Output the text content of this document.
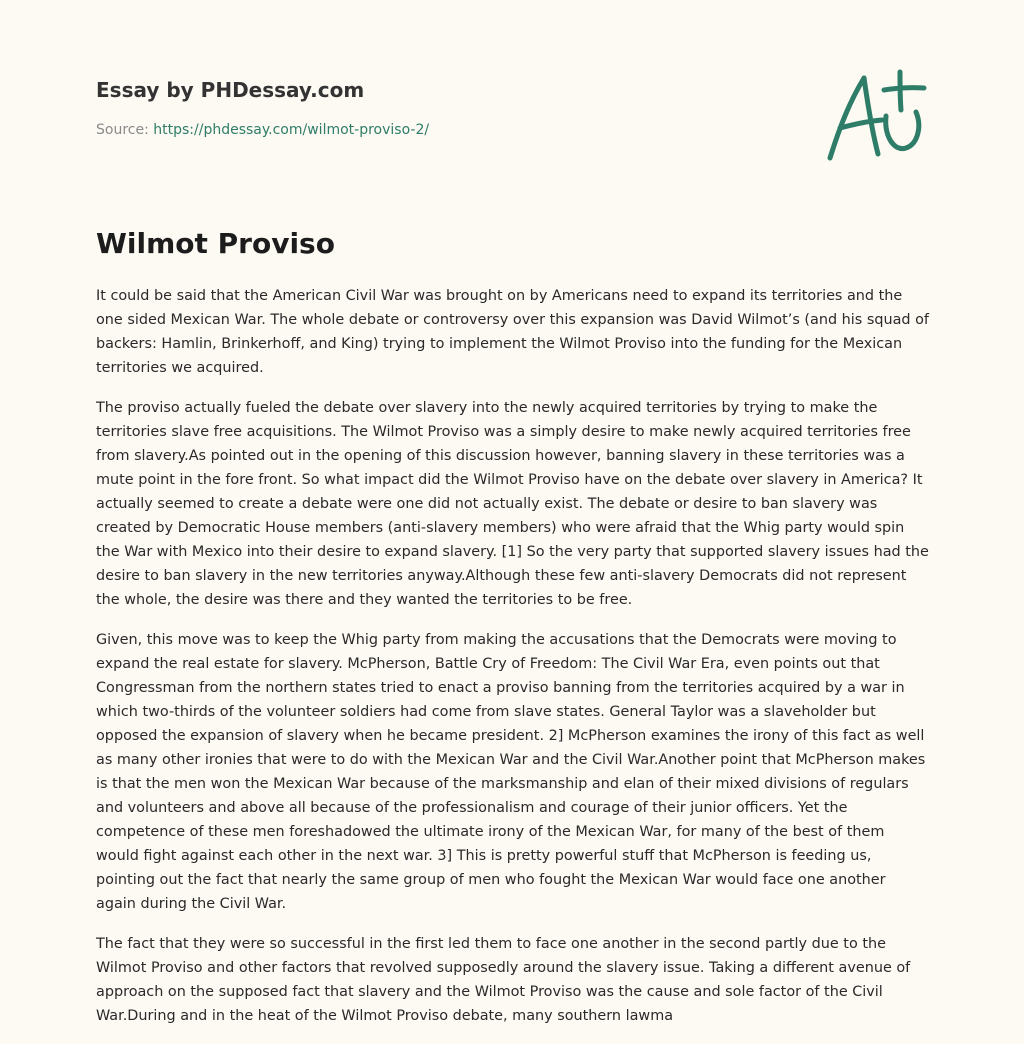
Essay by PHDessay.com
Source: https://phdessay.com/wilmot-proviso-2/
Wilmot Proviso

It could be said that the American Civil War was brought on by Americans need to expand its territories and the one sided Mexican War. The whole debate or controversy over this expansion was David Wilmot’s (and his squad of backers: Hamlin, Brinkerhoff, and King) trying to implement the Wilmot Proviso into the funding for the Mexican territories we acquired.

The proviso actually fueled the debate over slavery into the newly acquired territories by trying to make the territories slave free acquisitions. The Wilmot Proviso was a simply desire to make newly acquired territories free from slavery.As pointed out in the opening of this discussion however, banning slavery in these territories was a mute point in the fore front. So what impact did the Wilmot Proviso have on the debate over slavery in America? It actually seemed to create a debate were one did not actually exist. The debate or desire to ban slavery was created by Democratic House members (anti-slavery members) who were afraid that the Whig party would spin the War with Mexico into their desire to expand slavery. [1] So the very party that supported slavery issues had the desire to ban slavery in the new territories anyway.Although these few anti-slavery Democrats did not represent the whole, the desire was there and they wanted the territories to be free.

Given, this move was to keep the Whig party from making the accusations that the Democrats were moving to expand the real estate for slavery. McPherson, Battle Cry of Freedom: The Civil War Era, even points out that Congressman from the northern states tried to enact a proviso banning from the territories acquired by a war in which two-thirds of the volunteer soldiers had come from slave states. General Taylor was a slaveholder but opposed the expansion of slavery when he became president. 2] McPherson examines the irony of this fact as well as many other ironies that were to do with the Mexican War and the Civil War.Another point that McPherson makes is that the men won the Mexican War because of the marksmanship and elan of their mixed divisions of regulars and volunteers and above all because of the professionalism and courage of their junior officers. Yet the competence of these men foreshadowed the ultimate irony of the Mexican War, for many of the best of them would fight against each other in the next war. 3] This is pretty powerful stuff that McPherson is feeding us, pointing out the fact that nearly the same group of men who fought the Mexican War would face one another again during the Civil War.

The fact that they were so successful in the first led them to face one another in the second partly due to the Wilmot Proviso and other factors that revolved supposedly around the slavery issue. Taking a different avenue of approach on the supposed fact that slavery and the Wilmot Proviso was the cause and sole factor of the Civil War.During and in the heat of the Wilmot Proviso debate, many southern lawma
